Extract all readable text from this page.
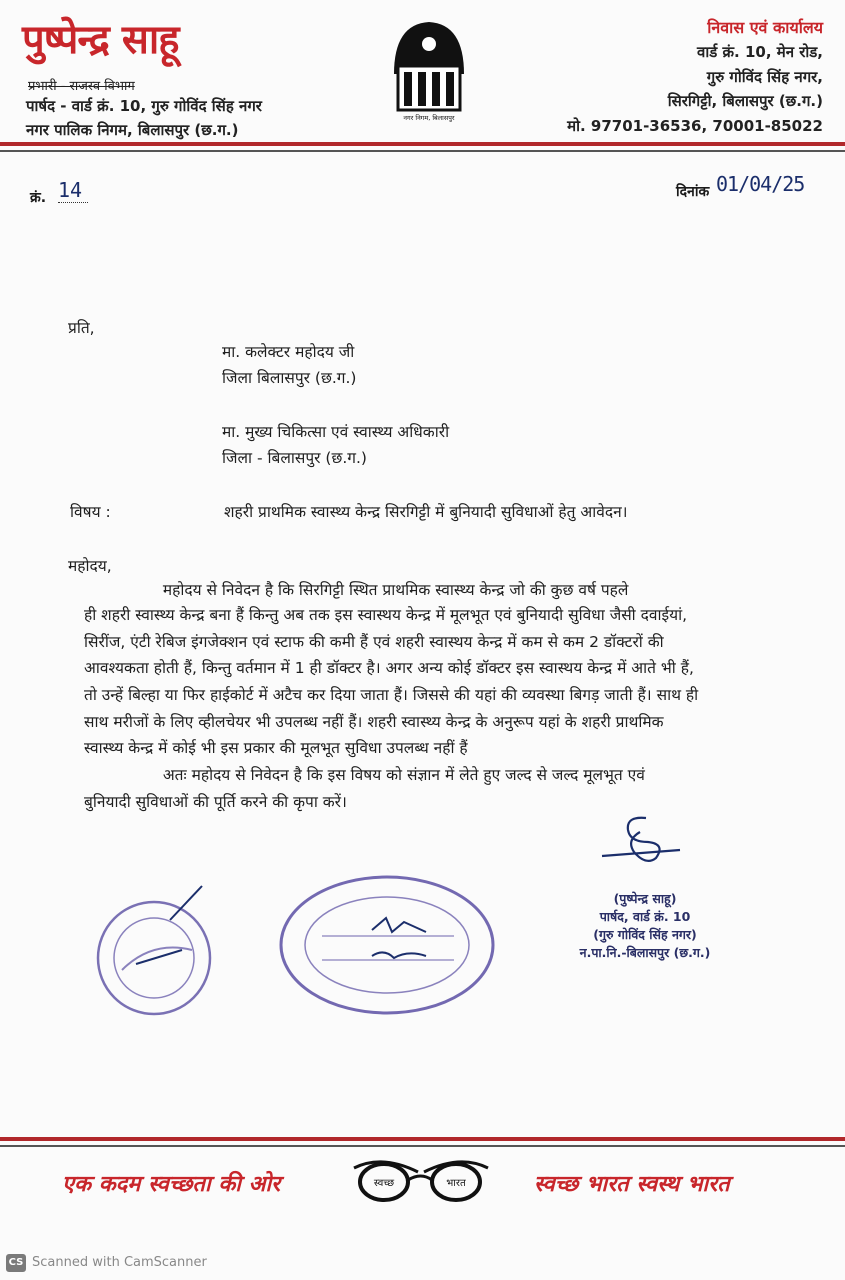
पुष्पेन्द्र साहू
प्रभारी - राजस्व विभाग
पार्षद - वार्ड क्रं. 10, गुरु गोविंद सिंह नगर
नगर पालिक निगम, बिलासपुर (छ.ग.)
नगर निगम, बिलासपुर
निवास एवं कार्यालय
वार्ड क्रं. 10, मेन रोड,
गुरु गोविंद सिंह नगर,
सिरगिट्टी, बिलासपुर (छ.ग.)
मो. 97701-36536, 70001-85022
क्रं. 14	दिनांक 01/04/25
प्रति,
मा. कलेक्टर महोदय जी
जिला बिलासपुर (छ.ग.)
मा. मुख्य चिकित्सा एवं स्वास्थ्य अधिकारी
जिला - बिलासपुर (छ.ग.)
विषय :	शहरी प्राथमिक स्वास्थ्य केन्द्र सिरगिट्टी में बुनियादी सुविधाओं हेतु आवेदन।
महोदय,
महोदय से निवेदन है कि सिरगिट्टी स्थित प्राथमिक स्वास्थ्य केन्द्र जो की कुछ वर्ष पहले
ही शहरी स्वास्थ्य केन्द्र बना हैं किन्तु अब तक इस स्वास्थय केन्द्र में मूलभूत एवं बुनियादी सुविधा जैसी दवाईयां,
सिरींज, एंटी रेबिज इंगजेक्शन एवं स्टाफ की कमी हैं एवं शहरी स्वास्थय केन्द्र में कम से कम 2 डॉक्टरों की
आवश्यकता होती हैं, किन्तु वर्तमान में 1 ही डॉक्टर है। अगर अन्य कोई डॉक्टर इस स्वास्थय केन्द्र में आते भी हैं,
तो उन्हें बिल्हा या फिर हाईकोर्ट में अटैच कर दिया जाता हैं। जिससे की यहां की व्यवस्था बिगड़ जाती हैं। साथ ही
साथ मरीजों के लिए व्हीलचेयर भी उपलब्ध नहीं हैं। शहरी स्वास्थ्य केन्द्र के अनुरूप यहां के शहरी प्राथमिक
स्वास्थ्य केन्द्र में कोई भी इस प्रकार की मूलभूत सुविधा उपलब्ध नहीं हैं
अतः महोदय से निवेदन है कि इस विषय को संज्ञान में लेते हुए जल्द से जल्द मूलभूत एवं
बुनियादी सुविधाओं की पूर्ति करने की कृपा करें।
(पुष्पेन्द्र साहू)
पार्षद, वार्ड क्रं. 10
(गुरु गोविंद सिंह नगर)
न.पा.नि.-बिलासपुर (छ.ग.)
एक कदम स्वच्छता की ओर	स्वच्छ	भारत	स्वच्छ भारत स्वस्थ भारत
CS Scanned with CamScanner
